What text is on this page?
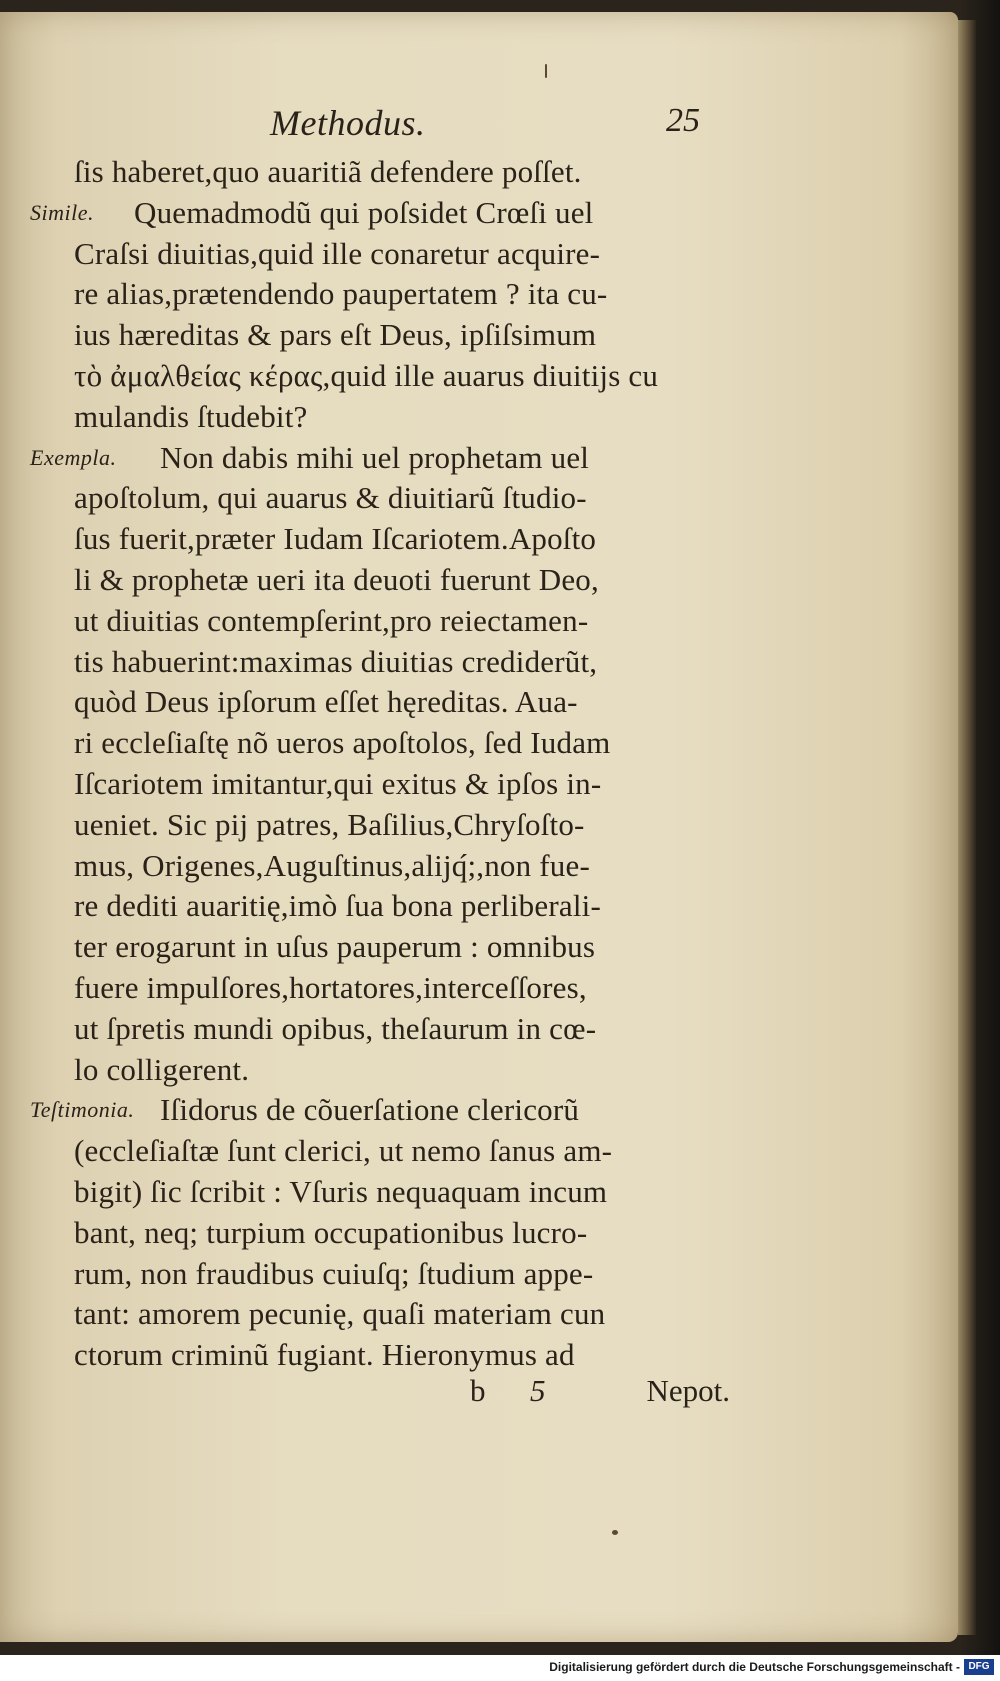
Methodus.	25
ſis haberet,quo auaritiã defendere poſſet.
Simile. Quemadmodũ qui poſsidet Crœſi uel
Craſsi diuitias,quid ille conaretur acquire-
re alias,prætendendo paupertatem ? ita cu-
ius hæreditas & pars eſt Deus, ipſiſsimum
τὸ ἀμαλθείας κέρας,quid ille auarus diuitijs cu
mulandis ſtudebit?
Exempla. Non dabis mihi uel prophetam uel
apoſtolum, qui auarus & diuitiarũ ſtudio-
ſus fuerit,præter Iudam Iſcariotem.Apoſto
li & prophetæ ueri ita deuoti fuerunt Deo,
ut diuitias contempſerint,pro reiectamen-
tis habuerint:maximas diuitias crediderũt,
quòd Deus ipſorum eſſet hęreditas. Aua-
ri eccleſiaſtę nõ ueros apoſtolos, ſed Iudam
Iſcariotem imitantur,qui exitus & ipſos in-
ueniet. Sic pij patres, Baſilius,Chryſoſto-
mus, Origenes,Auguſtinus,alijq́;,non fue-
re dediti auaritię,imò ſua bona perliberali-
ter erogarunt in uſus pauperum : omnibus
fuere impulſores,hortatores,interceſſores,
ut ſpretis mundi opibus, theſaurum in cœ-
lo colligerent.
Teſtimonia. Iſidorus de cõuerſatione clericorũ
(eccleſiaſtæ ſunt clerici, ut nemo ſanus am-
bigit) ſic ſcribit : Vſuris nequaquam incum
bant, neq; turpium occupationibus lucro-
rum, non fraudibus cuiuſq; ſtudium appe-
tant: amorem pecunię, quaſi materiam cun
ctorum criminũ fugiant. Hieronymus ad
b 5	Nepot.
Digitalisierung gefördert durch die Deutsche Forschungsgemeinschaft - DFG
